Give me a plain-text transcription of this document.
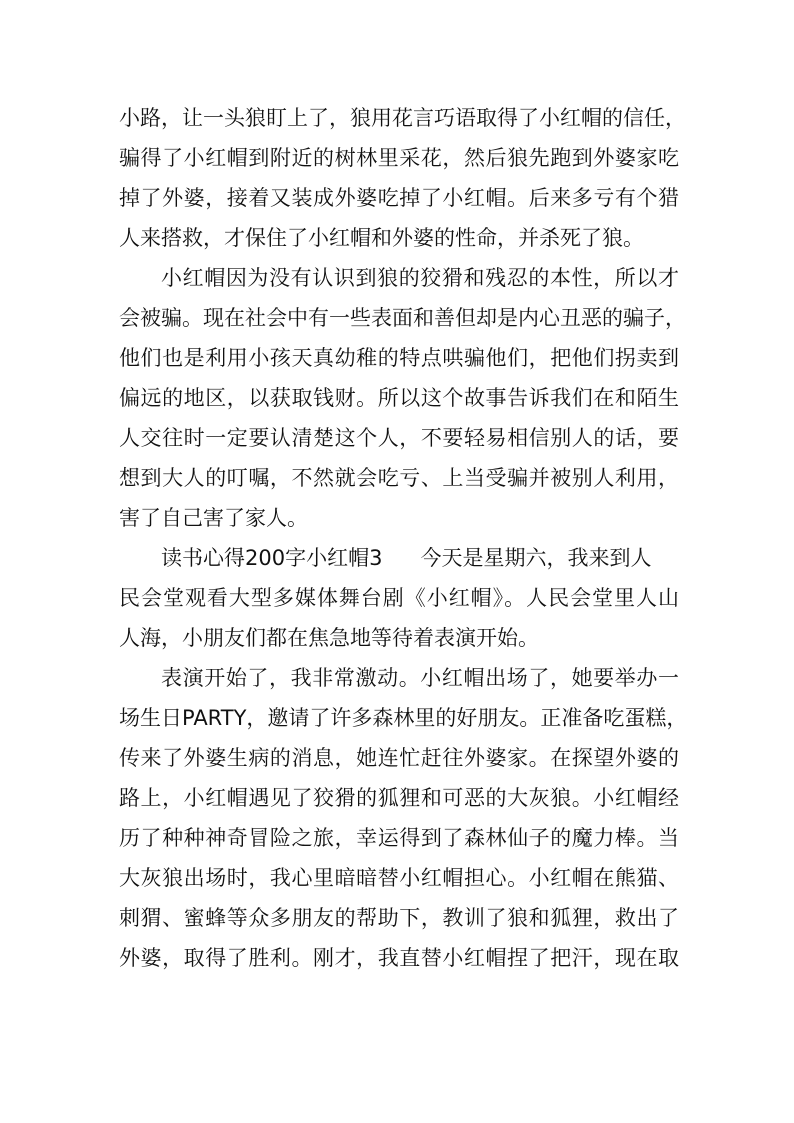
小路，让一头狼盯上了，狼用花言巧语取得了小红帽的信任，
骗得了小红帽到附近的树林里采花，然后狼先跑到外婆家吃
掉了外婆，接着又装成外婆吃掉了小红帽。后来多亏有个猎
人来搭救，才保住了小红帽和外婆的性命，并杀死了狼。
小红帽因为没有认识到狼的狡猾和残忍的本性，所以才
会被骗。现在社会中有一些表面和善但却是内心丑恶的骗子，
他们也是利用小孩天真幼稚的特点哄骗他们，把他们拐卖到
偏远的地区，以获取钱财。所以这个故事告诉我们在和陌生
人交往时一定要认清楚这个人，不要轻易相信别人的话，要
想到大人的叮嘱，不然就会吃亏、上当受骗并被别人利用，
害了自己害了家人。
读书心得200字小红帽3 今天是星期六，我来到人
民会堂观看大型多媒体舞台剧《小红帽》。人民会堂里人山
人海，小朋友们都在焦急地等待着表演开始。
表演开始了，我非常激动。小红帽出场了，她要举办一
场生日PARTY，邀请了许多森林里的好朋友。正准备吃蛋糕，
传来了外婆生病的消息，她连忙赶往外婆家。在探望外婆的
路上，小红帽遇见了狡猾的狐狸和可恶的大灰狼。小红帽经
历了种种神奇冒险之旅，幸运得到了森林仙子的魔力棒。当
大灰狼出场时，我心里暗暗替小红帽担心。小红帽在熊猫、
刺猬、蜜蜂等众多朋友的帮助下，教训了狼和狐狸，救出了
外婆，取得了胜利。刚才，我直替小红帽捏了把汗，现在取
